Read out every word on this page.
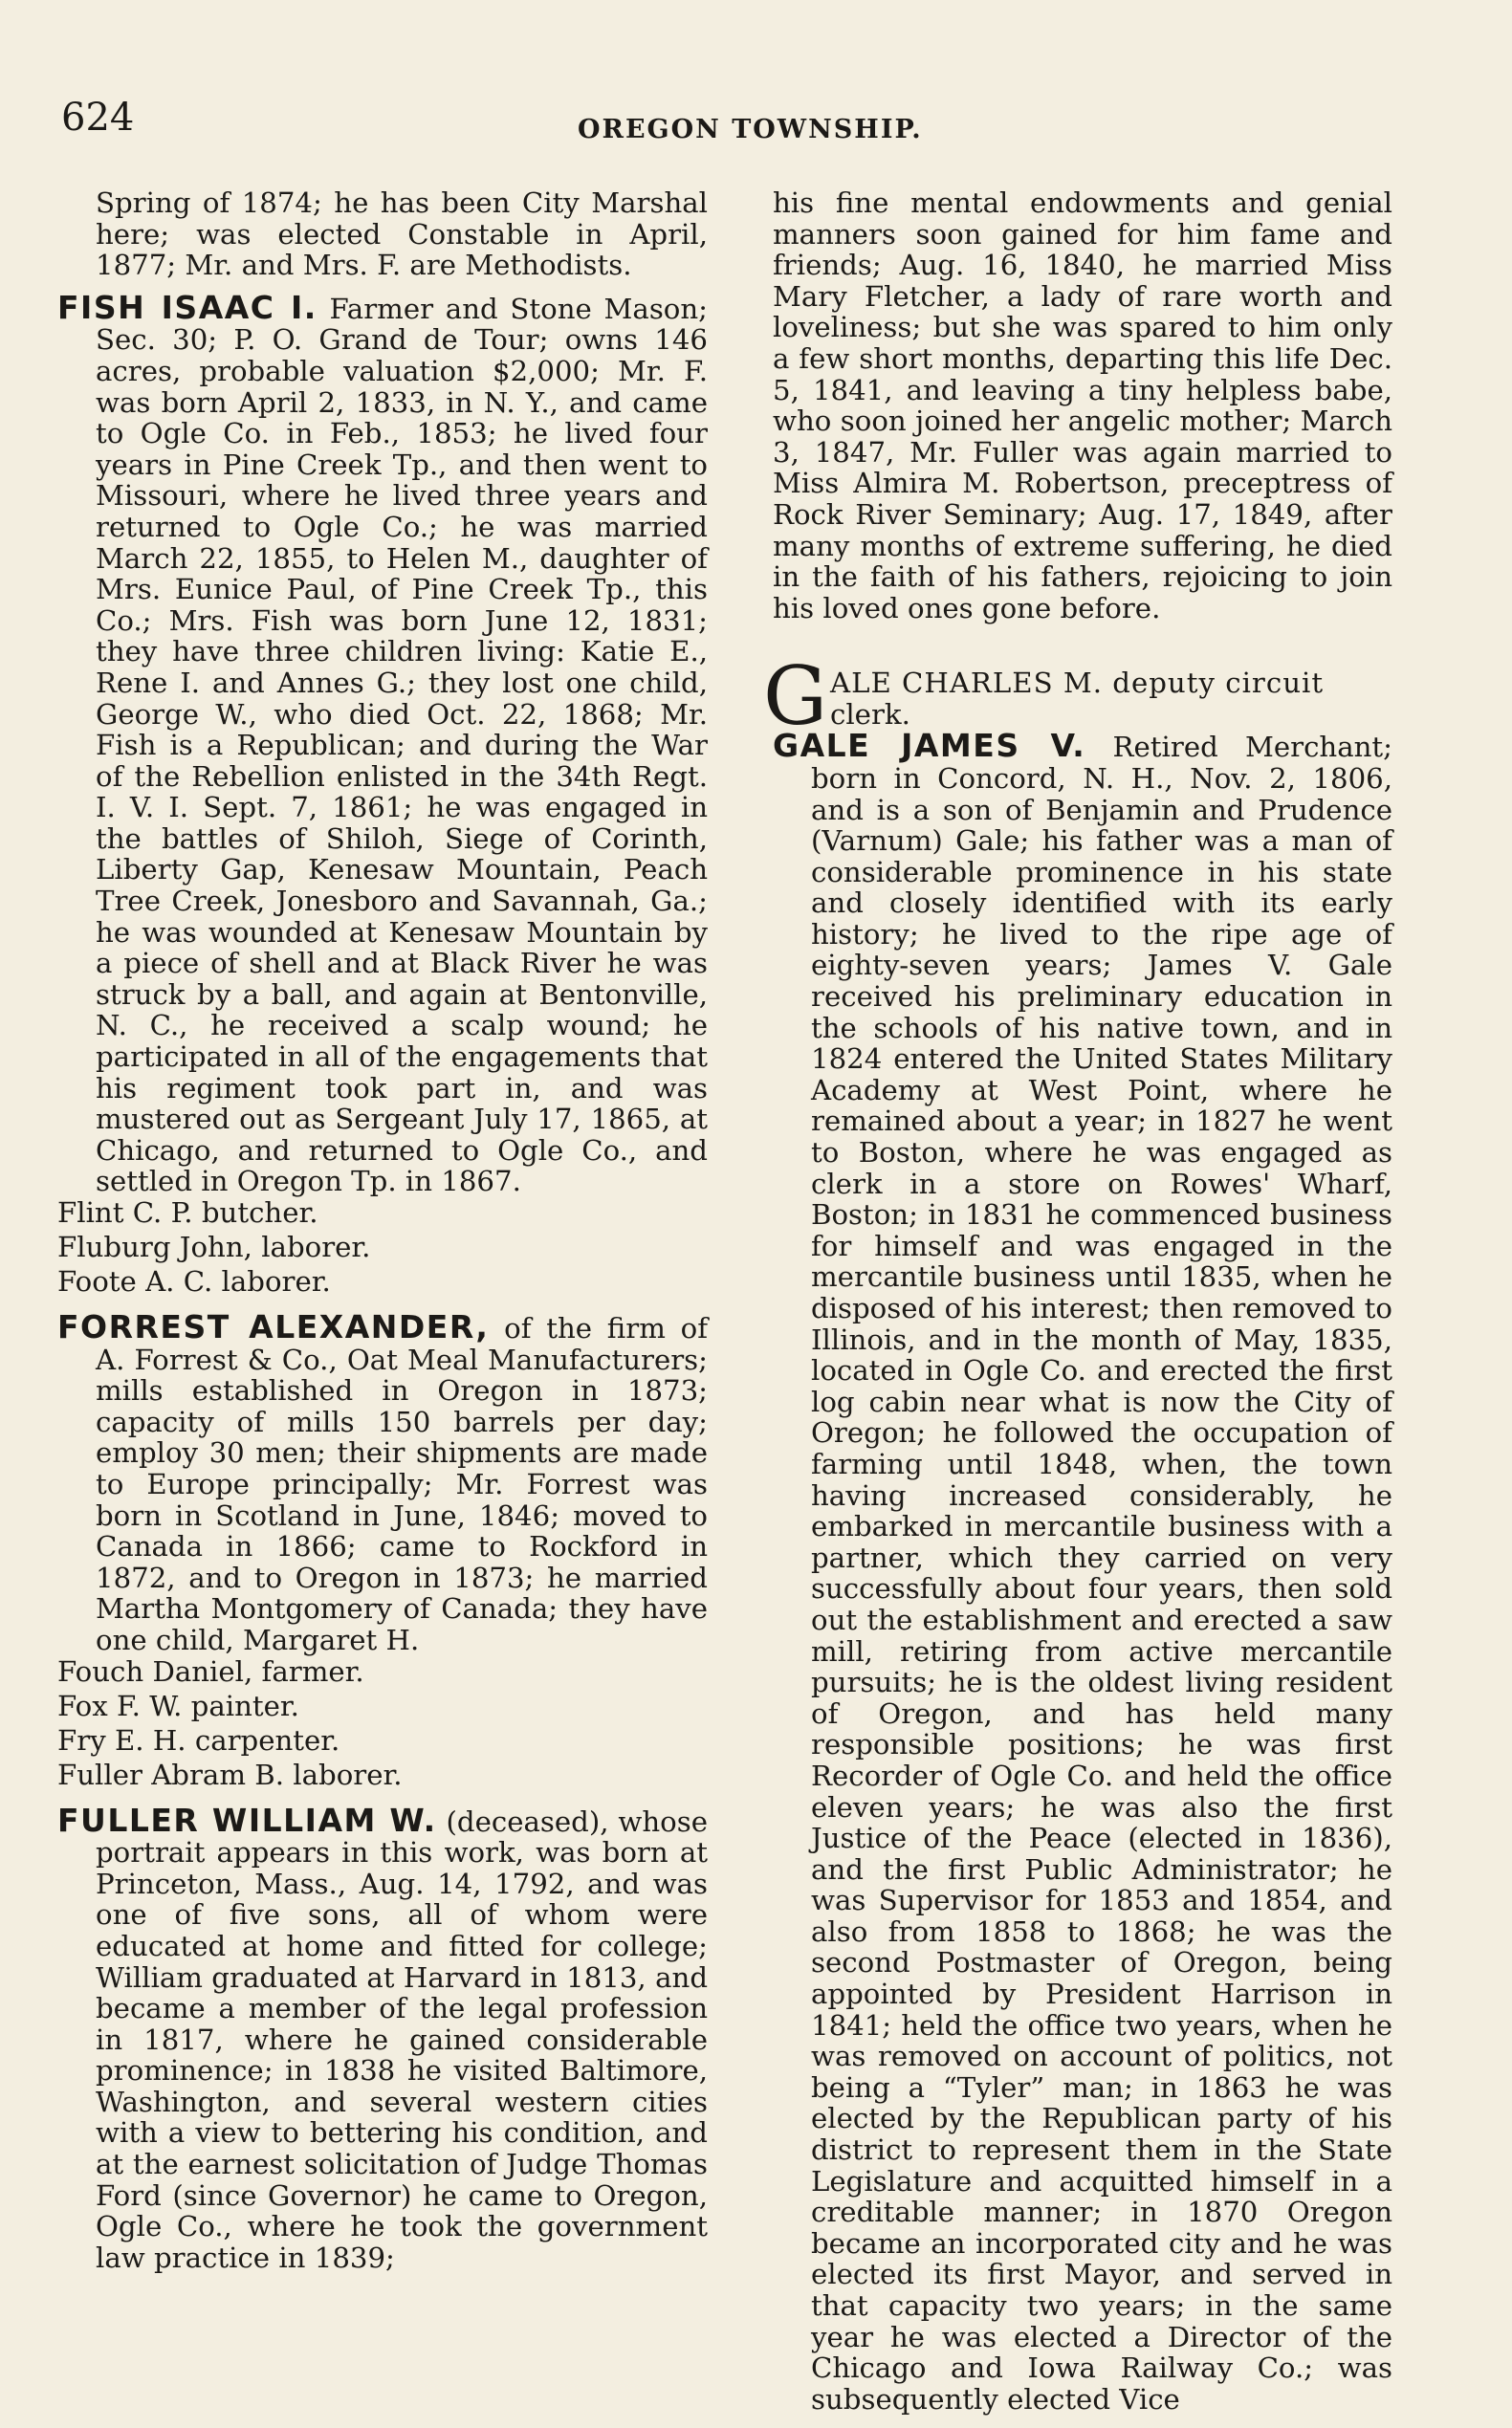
624	OREGON TOWNSHIP.

Spring of 1874; he has been City Marshal here; was elected Constable in April, 1877; Mr. and Mrs. F. are Methodists.

FISH ISAAC I. Farmer and Stone Mason; Sec. 30; P. O. Grand de Tour; owns 146 acres, probable valuation $2,000; Mr. F. was born April 2, 1833, in N. Y., and came to Ogle Co. in Feb., 1853; he lived four years in Pine Creek Tp., and then went to Missouri, where he lived three years and returned to Ogle Co.; he was married March 22, 1855, to Helen M., daughter of Mrs. Eunice Paul, of Pine Creek Tp., this Co.; Mrs. Fish was born June 12, 1831; they have three children living: Katie E., Rene I. and Annes G.; they lost one child, George W., who died Oct. 22, 1868; Mr. Fish is a Republican; and during the War of the Rebellion enlisted in the 34th Regt. I. V. I. Sept. 7, 1861; he was engaged in the battles of Shiloh, Siege of Corinth, Liberty Gap, Kenesaw Mountain, Peach Tree Creek, Jonesboro and Savannah, Ga.; he was wounded at Kenesaw Mountain by a piece of shell and at Black River he was struck by a ball, and again at Bentonville, N. C., he received a scalp wound; he participated in all of the engagements that his regiment took part in, and was mustered out as Sergeant July 17, 1865, at Chicago, and returned to Ogle Co., and settled in Oregon Tp. in 1867.

Flint C. P. butcher.

Fluburg John, laborer.

Foote A. C. laborer.

FORREST ALEXANDER, of the firm of A. Forrest & Co., Oat Meal Manufacturers; mills established in Oregon in 1873; capacity of mills 150 barrels per day; employ 30 men; their shipments are made to Europe principally; Mr. Forrest was born in Scotland in June, 1846; moved to Canada in 1866; came to Rockford in 1872, and to Oregon in 1873; he married Martha Montgomery of Canada; they have one child, Margaret H.

Fouch Daniel, farmer.

Fox F. W. painter.

Fry E. H. carpenter.

Fuller Abram B. laborer.

FULLER WILLIAM W. (deceased), whose portrait appears in this work, was born at Princeton, Mass., Aug. 14, 1792, and was one of five sons, all of whom were educated at home and fitted for college; William graduated at Harvard in 1813, and became a member of the legal profession in 1817, where he gained considerable prominence; in 1838 he visited Baltimore, Washington, and several western cities with a view to bettering his condition, and at the earnest solicitation of Judge Thomas Ford (since Governor) he came to Oregon, Ogle Co., where he took the government law practice in 1839;

his fine mental endowments and genial manners soon gained for him fame and friends; Aug. 16, 1840, he married Miss Mary Fletcher, a lady of rare worth and loveliness; but she was spared to him only a few short months, departing this life Dec. 5, 1841, and leaving a tiny helpless babe, who soon joined her angelic mother; March 3, 1847, Mr. Fuller was again married to Miss Almira M. Robertson, preceptress of Rock River Seminary; Aug. 17, 1849, after many months of extreme suffering, he died in the faith of his fathers, rejoicing to join his loved ones gone before.

G ALE CHARLES M. deputy circuit
clerk.

GALE JAMES V. Retired Merchant; born in Concord, N. H., Nov. 2, 1806, and is a son of Benjamin and Prudence (Varnum) Gale; his father was a man of considerable prominence in his state and closely identified with its early history; he lived to the ripe age of eighty-seven years; James V. Gale received his preliminary education in the schools of his native town, and in 1824 entered the United States Military Academy at West Point, where he remained about a year; in 1827 he went to Boston, where he was engaged as clerk in a store on Rowes' Wharf, Boston; in 1831 he commenced business for himself and was engaged in the mercantile business until 1835, when he disposed of his interest; then removed to Illinois, and in the month of May, 1835, located in Ogle Co. and erected the first log cabin near what is now the City of Oregon; he followed the occupation of farming until 1848, when, the town having increased considerably, he embarked in mercantile business with a partner, which they carried on very successfully about four years, then sold out the establishment and erected a saw mill, retiring from active mercantile pursuits; he is the oldest living resident of Oregon, and has held many responsible positions; he was first Recorder of Ogle Co. and held the office eleven years; he was also the first Justice of the Peace (elected in 1836), and the first Public Administrator; he was Supervisor for 1853 and 1854, and also from 1858 to 1868; he was the second Postmaster of Oregon, being appointed by President Harrison in 1841; held the office two years, when he was removed on account of politics, not being a “Tyler” man; in 1863 he was elected by the Republican party of his district to represent them in the State Legislature and acquitted himself in a creditable manner; in 1870 Oregon became an incorporated city and he was elected its first Mayor, and served in that capacity two years; in the same year he was elected a Director of the Chicago and Iowa Railway Co.; was subsequently elected Vice
